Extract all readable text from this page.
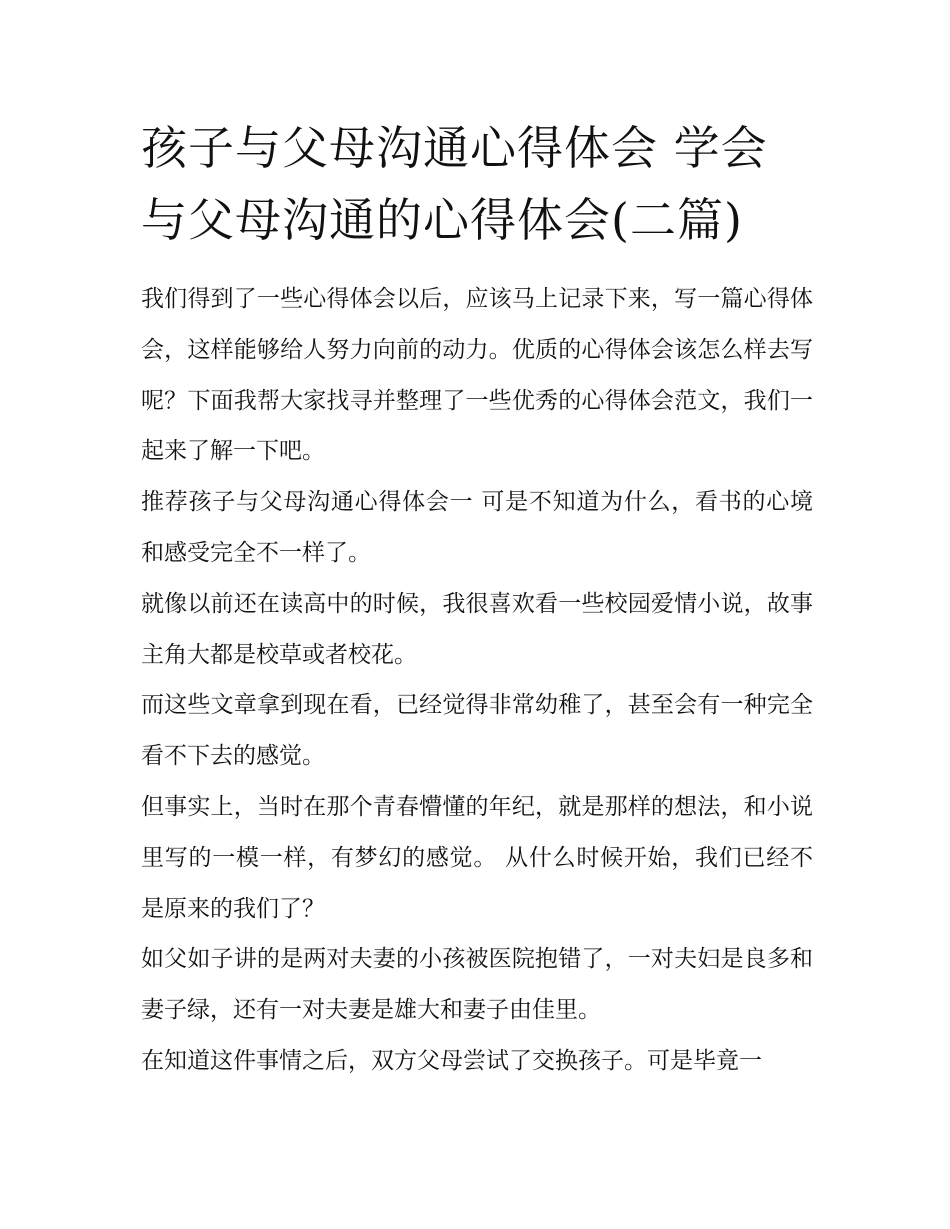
孩子与父母沟通心得体会 学会与父母沟通的心得体会(二篇)

我们得到了一些心得体会以后，应该马上记录下来，写一篇心得体会，这样能够给人努力向前的动力。优质的心得体会该怎么样去写呢？下面我帮大家找寻并整理了一些优秀的心得体会范文，我们一起来了解一下吧。

推荐孩子与父母沟通心得体会一 可是不知道为什么，看书的心境和感受完全不一样了。

就像以前还在读高中的时候，我很喜欢看一些校园爱情小说，故事主角大都是校草或者校花。

而这些文章拿到现在看，已经觉得非常幼稚了，甚至会有一种完全看不下去的感觉。

但事实上，当时在那个青春懵懂的年纪，就是那样的想法，和小说里写的一模一样，有梦幻的感觉。 从什么时候开始，我们已经不是原来的我们了？

如父如子讲的是两对夫妻的小孩被医院抱错了，一对夫妇是良多和妻子绿，还有一对夫妻是雄大和妻子由佳里。

在知道这件事情之后，双方父母尝试了交换孩子。可是毕竟一
